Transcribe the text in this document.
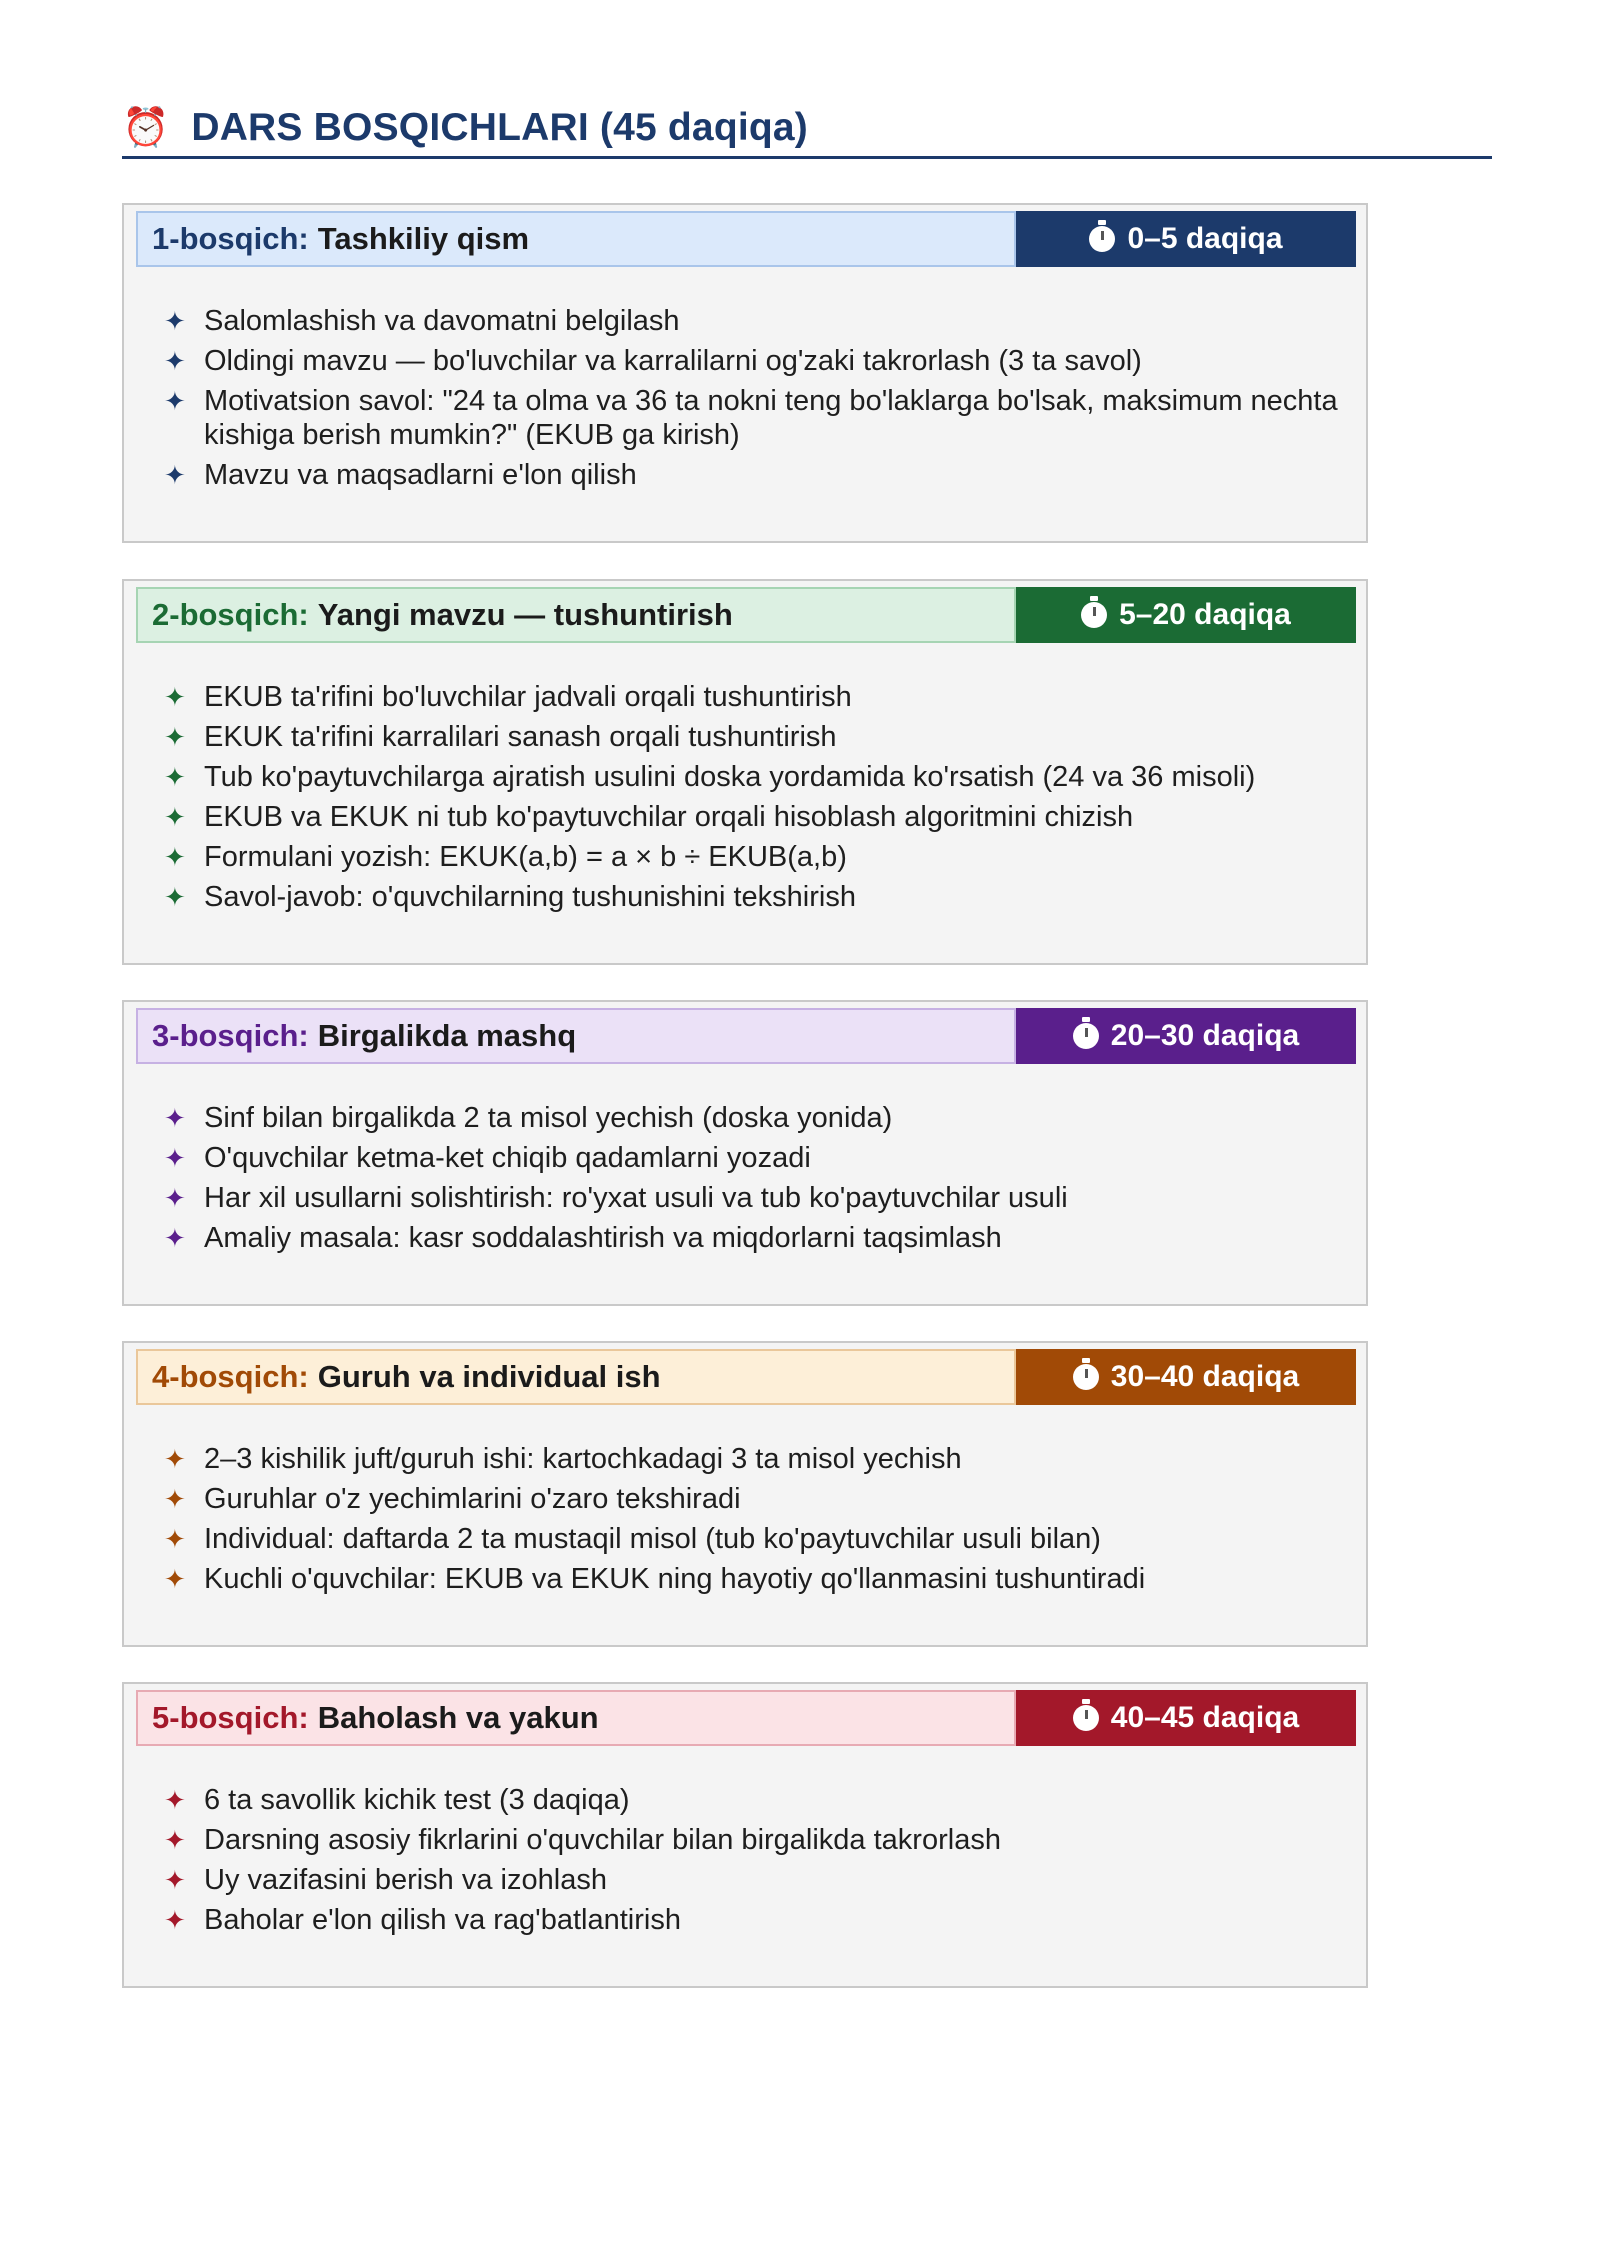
⏰ DARS BOSQICHLARI (45 daqiqa)
1-bosqich: Tashkiliy qism	0–5 daqiqa
✦ Salomlashish va davomatni belgilash
✦ Oldingi mavzu — bo'luvchilar va karralilarni og'zaki takrorlash (3 ta savol)
✦ Motivatsion savol: "24 ta olma va 36 ta nokni teng bo'laklarga bo'lsak, maksimum nechta kishiga berish mumkin?" (EKUB ga kirish)
✦ Mavzu va maqsadlarni e'lon qilish
2-bosqich: Yangi mavzu — tushuntirish	5–20 daqiqa
✦ EKUB ta'rifini bo'luvchilar jadvali orqali tushuntirish
✦ EKUK ta'rifini karralilari sanash orqali tushuntirish
✦ Tub ko'paytuvchilarga ajratish usulini doska yordamida ko'rsatish (24 va 36 misoli)
✦ EKUB va EKUK ni tub ko'paytuvchilar orqali hisoblash algoritmini chizish
✦ Formulani yozish: EKUK(a,b) = a × b ÷ EKUB(a,b)
✦ Savol-javob: o'quvchilarning tushunishini tekshirish
3-bosqich: Birgalikda mashq	20–30 daqiqa
✦ Sinf bilan birgalikda 2 ta misol yechish (doska yonida)
✦ O'quvchilar ketma-ket chiqib qadamlarni yozadi
✦ Har xil usullarni solishtirish: ro'yxat usuli va tub ko'paytuvchilar usuli
✦ Amaliy masala: kasr soddalashtirish va miqdorlarni taqsimlash
4-bosqich: Guruh va individual ish	30–40 daqiqa
✦ 2–3 kishilik juft/guruh ishi: kartochkadagi 3 ta misol yechish
✦ Guruhlar o'z yechimlarini o'zaro tekshiradi
✦ Individual: daftarda 2 ta mustaqil misol (tub ko'paytuvchilar usuli bilan)
✦ Kuchli o'quvchilar: EKUB va EKUK ning hayotiy qo'llanmasini tushuntiradi
5-bosqich: Baholash va yakun	40–45 daqiqa
✦ 6 ta savollik kichik test (3 daqiqa)
✦ Darsning asosiy fikrlarini o'quvchilar bilan birgalikda takrorlash
✦ Uy vazifasini berish va izohlash
✦ Baholar e'lon qilish va rag'batlantirish
